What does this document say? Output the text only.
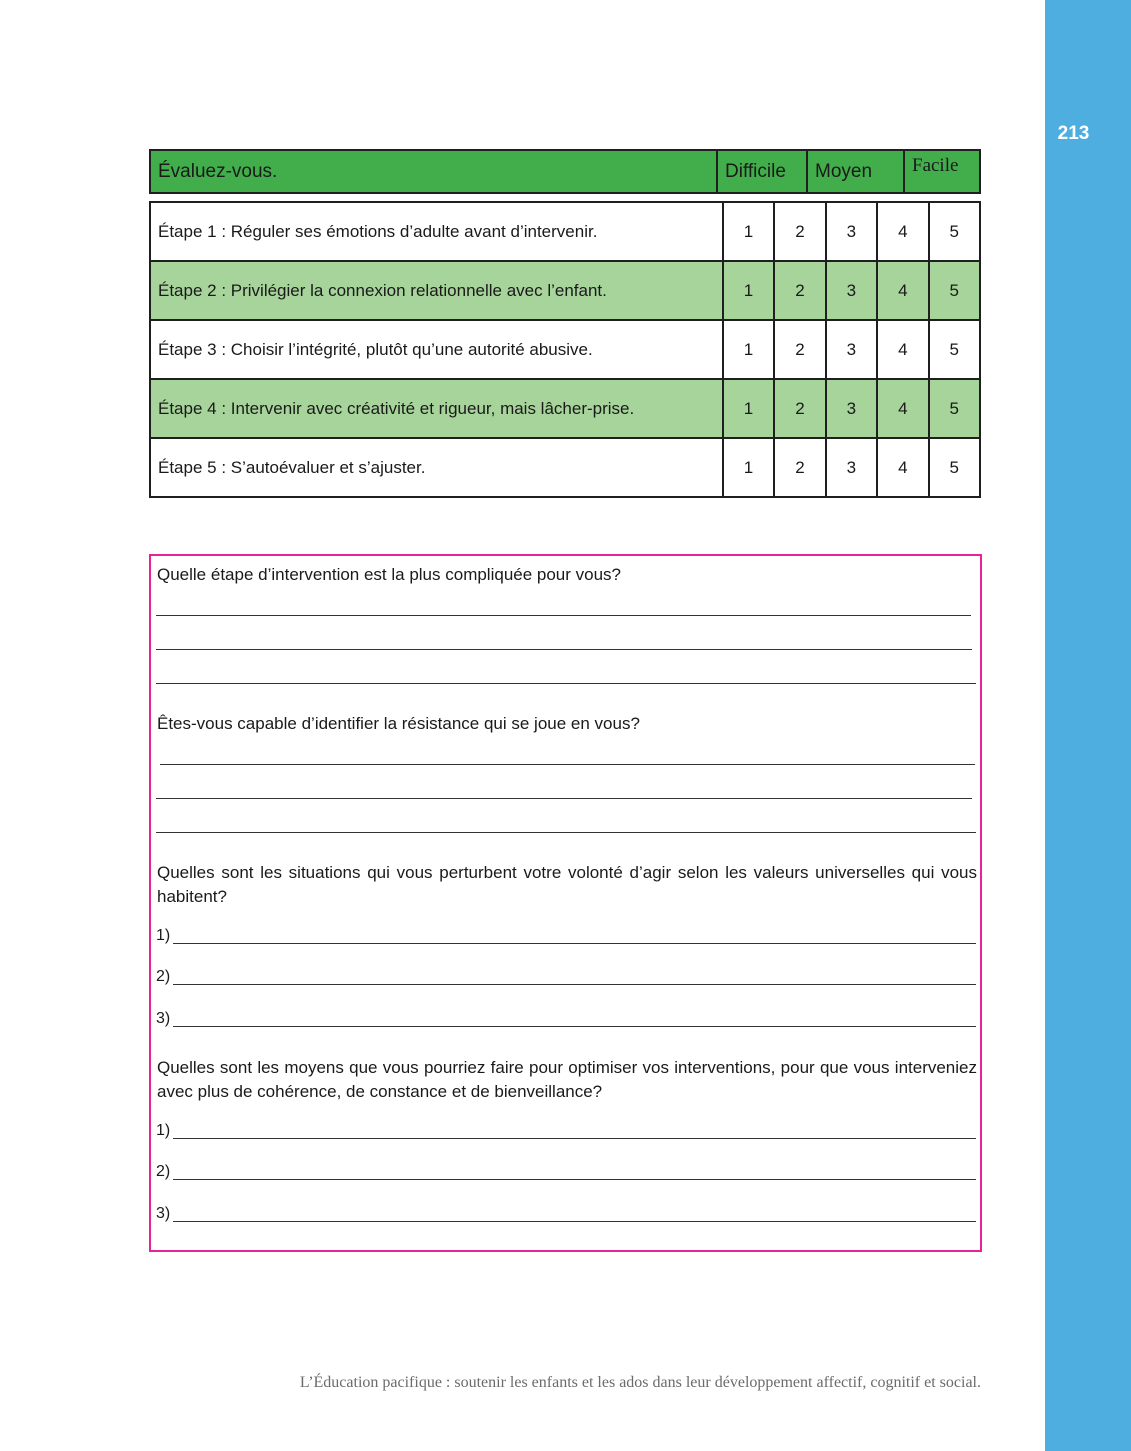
213
Évaluez-vous.	Difficile Moyen Facile
Étape 1 : Réguler ses émotions d’adulte avant d’intervenir.	1	2	3	4	5
Étape 2 : Privilégier la connexion relationnelle avec l’enfant.	1	2	3	4	5
Étape 3 : Choisir l’intégrité, plutôt qu’une autorité abusive.	1	2	3	4	5
Étape 4 : Intervenir avec créativité et rigueur, mais lâcher-prise.	1	2	3	4	5
Étape 5 : S’autoévaluer et s’ajuster.	1	2	3	4	5
Quelle étape d’intervention est la plus compliquée pour vous?
Êtes-vous capable d’identifier la résistance qui se joue en vous?
Quelles sont les situations qui vous perturbent votre volonté d’agir selon les valeurs universelles qui vous habitent?
1)
2)
3)
Quelles sont les moyens que vous pourriez faire pour optimiser vos interventions, pour que vous interveniez avec plus de cohérence, de constance et de bienveillance?
1)
2)
3)
L’Éducation pacifique : soutenir les enfants et les ados dans leur développement affectif, cognitif et social.
